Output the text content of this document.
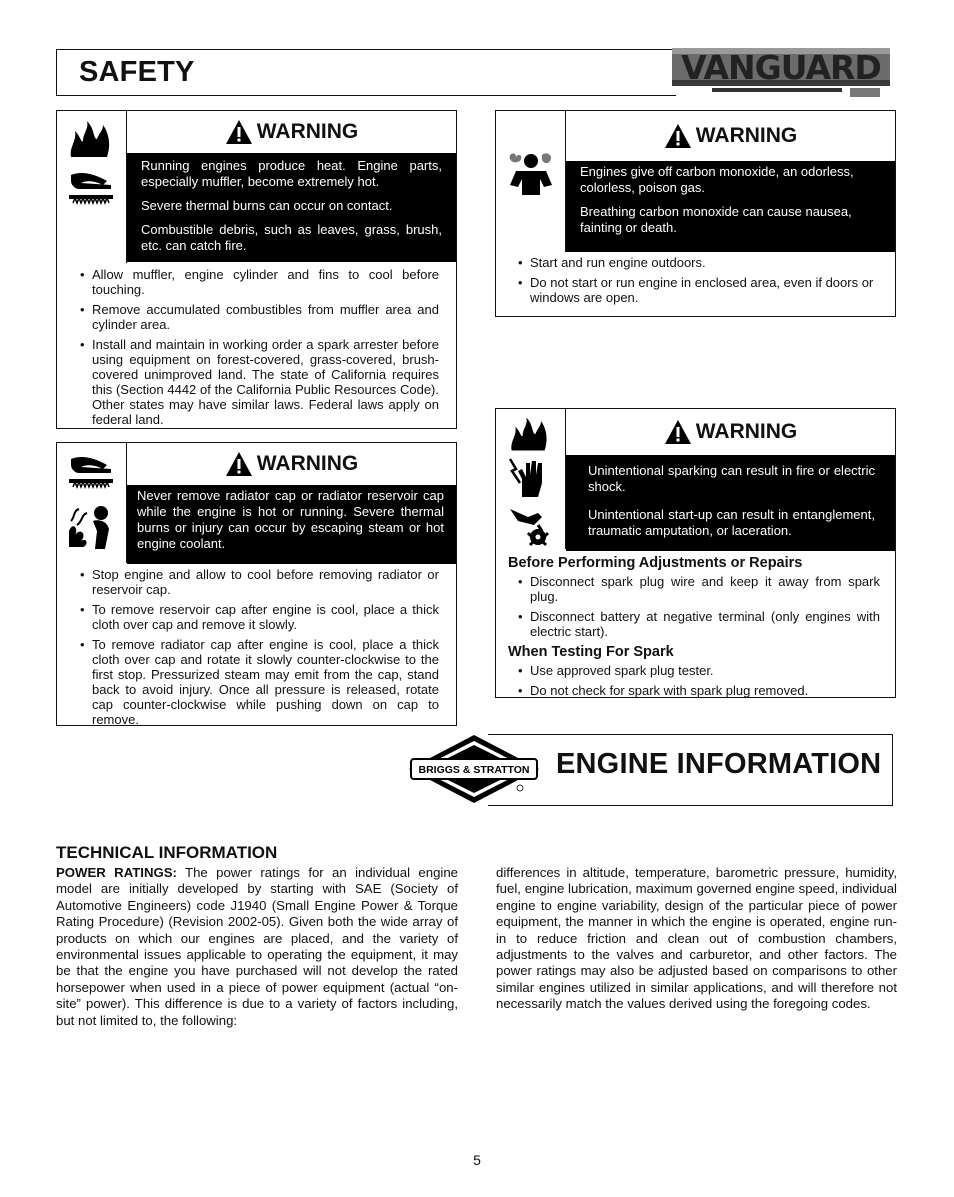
SAFETY	VANGUARD
WARNING

Running engines produce heat. Engine parts, especially muffler, become extremely hot.

Severe thermal burns can occur on contact.

Combustible debris, such as leaves, grass, brush, etc. can catch fire.

• Allow muffler, engine cylinder and fins to cool before touching.
• Remove accumulated combustibles from muffler area and cylinder area.
• Install and maintain in working order a spark arrester before using equipment on forest-covered, grass-covered, brush-covered unimproved land. The state of California requires this (Section 4442 of the California Public Resources Code). Other states may have similar laws. Federal laws apply on federal land.
WARNING

Never remove radiator cap or radiator reservoir cap while the engine is hot or running. Severe thermal burns or injury can occur by escaping steam or hot engine coolant.

• Stop engine and allow to cool before removing radiator or reservoir cap.
• To remove reservoir cap after engine is cool, place a thick cloth over cap and remove it slowly.
• To remove radiator cap after engine is cool, place a thick cloth over cap and rotate it slowly counter-clockwise to the first stop. Pressurized steam may emit from the cap, stand back to avoid injury. Once all pressure is released, rotate cap counter-clockwise while pushing down on cap to remove.
WARNING

Engines give off carbon monoxide, an odorless, colorless, poison gas.

Breathing carbon monoxide can cause nausea, fainting or death.

• Start and run engine outdoors.
• Do not start or run engine in enclosed area, even if doors or windows are open.
WARNING

Unintentional sparking can result in fire or electric shock.

Unintentional start-up can result in entanglement, traumatic amputation, or laceration.

Before Performing Adjustments or Repairs
• Disconnect spark plug wire and keep it away from spark plug.
• Disconnect battery at negative terminal (only engines with electric start).
When Testing For Spark
• Use approved spark plug tester.
• Do not check for spark with spark plug removed.
ENGINE INFORMATION
BRIGGS & STRATTON
TECHNICAL INFORMATION
POWER RATINGS: The power ratings for an individual engine model are initially developed by starting with SAE (Society of Automotive Engineers) code J1940 (Small Engine Power & Torque Rating Procedure) (Revision 2002-05). Given both the wide array of products on which our engines are placed, and the variety of environmental issues applicable to operating the equipment, it may be that the engine you have purchased will not develop the rated horsepower when used in a piece of power equipment (actual “on-site” power). This difference is due to a variety of factors including, but not limited to, the following:
differences in altitude, temperature, barometric pressure, humidity, fuel, engine lubrication, maximum governed engine speed, individual engine to engine variability, design of the particular piece of power equipment, the manner in which the engine is operated, engine run-in to reduce friction and clean out of combustion chambers, adjustments to the valves and carburetor, and other factors. The power ratings may also be adjusted based on comparisons to other similar engines utilized in similar applications, and will therefore not necessarily match the values derived using the foregoing codes.
5
